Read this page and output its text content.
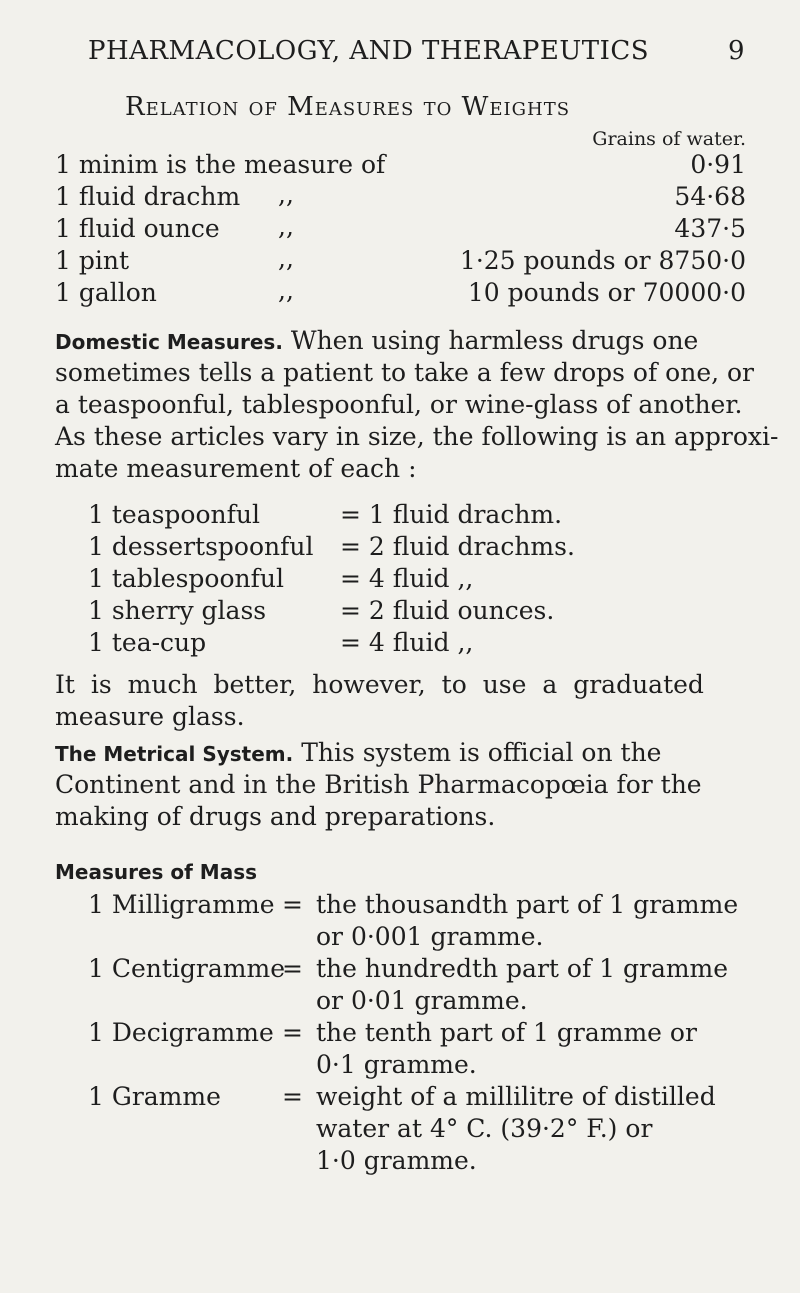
PHARMACOLOGY, AND THERAPEUTICS	9
Relation of Measures to Weights
Grains of water.
1 minim is the measure of	0·91
1 fluid drachm ,,	54·68
1 fluid ounce ,,	437·5
1 pint	,,	1·25 pounds or 8750·0
1 gallon	,,	10 pounds or 70000·0
Domestic Measures. When using harmless drugs one
sometimes tells a patient to take a few drops of one, or
a teaspoonful, tablespoonful, or wine-glass of another.
As these articles vary in size, the following is an approxi-
mate measurement of each :
1 teaspoonful	= 1 fluid drachm.
1 dessertspoonful = 2 fluid drachms.
1 tablespoonful = 4 fluid ,,
1 sherry glass	= 2 fluid ounces.
1 tea-cup	= 4 fluid ,,
It is much better, however, to use a graduated
measure glass.
The Metrical System. This system is official on the
Continent and in the British Pharmacopœia for the
making of drugs and preparations.
Measures of Mass
1 Milligramme = the thousandth part of 1 gramme
or 0·001 gramme.
1 Centigramme
= the hundredth part of 1 gramme
or 0·01 gramme.
1 Decigramme = the tenth part of 1 gramme or
0·1 gramme.
1 Gramme = weight of a millilitre of distilled
water at 4° C. (39·2° F.) or
1·0 gramme.
